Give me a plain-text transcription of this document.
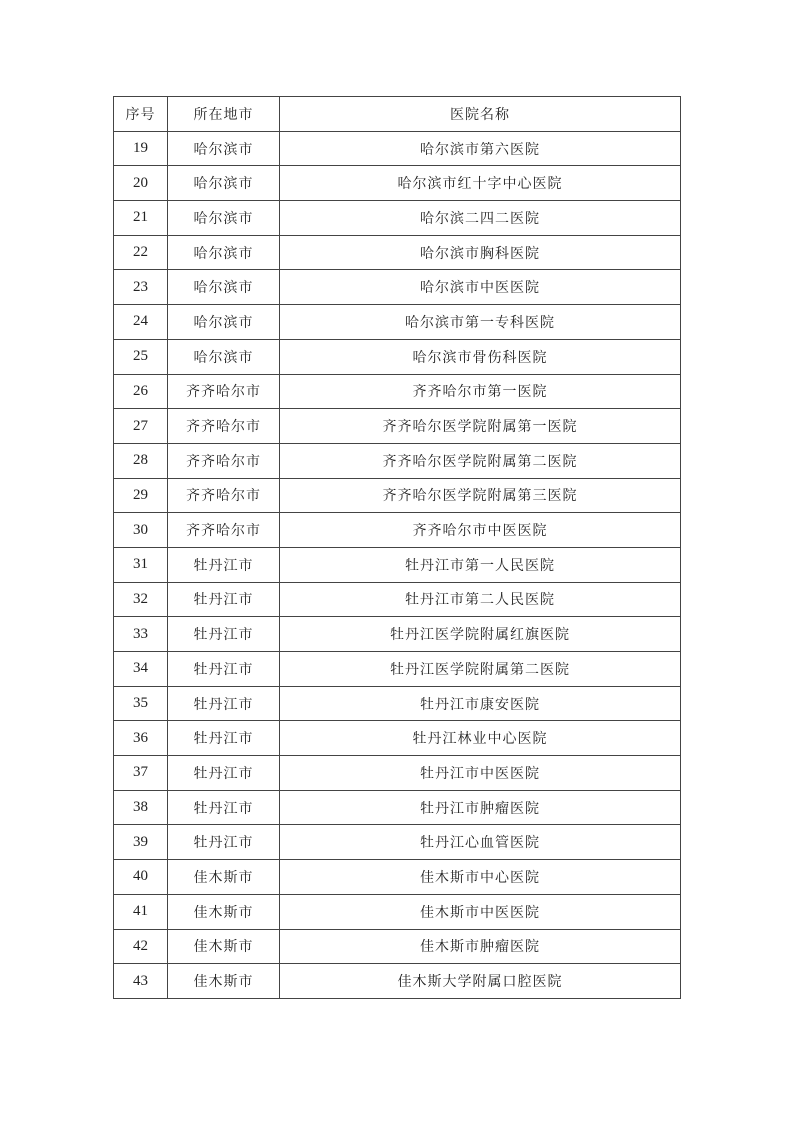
序号	所在地市	医院名称
19	哈尔滨市	哈尔滨市第六医院
20	哈尔滨市	哈尔滨市红十字中心医院
21	哈尔滨市	哈尔滨二四二医院
22	哈尔滨市	哈尔滨市胸科医院
23	哈尔滨市	哈尔滨市中医医院
24	哈尔滨市	哈尔滨市第一专科医院
25	哈尔滨市	哈尔滨市骨伤科医院
26	齐齐哈尔市	齐齐哈尔市第一医院
27	齐齐哈尔市	齐齐哈尔医学院附属第一医院
28	齐齐哈尔市	齐齐哈尔医学院附属第二医院
29	齐齐哈尔市	齐齐哈尔医学院附属第三医院
30	齐齐哈尔市	齐齐哈尔市中医医院
31	牡丹江市	牡丹江市第一人民医院
32	牡丹江市	牡丹江市第二人民医院
33	牡丹江市	牡丹江医学院附属红旗医院
34	牡丹江市	牡丹江医学院附属第二医院
35	牡丹江市	牡丹江市康安医院
36	牡丹江市	牡丹江林业中心医院
37	牡丹江市	牡丹江市中医医院
38	牡丹江市	牡丹江市肿瘤医院
39	牡丹江市	牡丹江心血管医院
40	佳木斯市	佳木斯市中心医院
41	佳木斯市	佳木斯市中医医院
42	佳木斯市	佳木斯市肿瘤医院
43	佳木斯市	佳木斯大学附属口腔医院
